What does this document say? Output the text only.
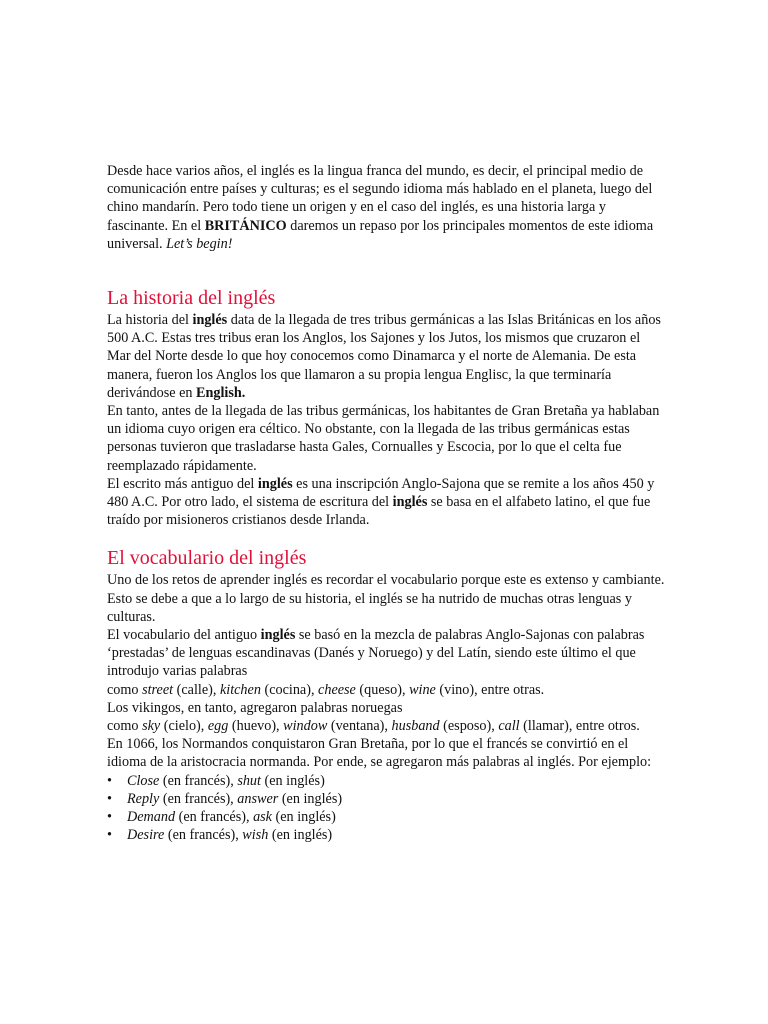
Desde hace varios años, el inglés es la lingua franca del mundo, es decir, el principal medio de comunicación entre países y culturas; es el segundo idioma más hablado en el planeta, luego del chino mandarín. Pero todo tiene un origen y en el caso del inglés, es una historia larga y fascinante. En el BRITÁNICO daremos un repaso por los principales momentos de este idioma universal. Let’s begin!

La historia del inglés

La historia del inglés data de la llegada de tres tribus germánicas a las Islas Británicas en los años 500 A.C. Estas tres tribus eran los Anglos, los Sajones y los Jutos, los mismos que cruzaron el Mar del Norte desde lo que hoy conocemos como Dinamarca y el norte de Alemania. De esta manera, fueron los Anglos los que llamaron a su propia lengua Englisc, la que terminaría derivándose en English.

En tanto, antes de la llegada de las tribus germánicas, los habitantes de Gran Bretaña ya hablaban un idioma cuyo origen era céltico. No obstante, con la llegada de las tribus germánicas estas personas tuvieron que trasladarse hasta Gales, Cornualles y Escocia, por lo que el celta fue reemplazado rápidamente.

El escrito más antiguo del inglés es una inscripción Anglo-Sajona que se remite a los años 450 y 480 A.C. Por otro lado, el sistema de escritura del inglés se basa en el alfabeto latino, el que fue traído por misioneros cristianos desde Irlanda.

El vocabulario del inglés

Uno de los retos de aprender inglés es recordar el vocabulario porque este es extenso y cambiante. Esto se debe a que a lo largo de su historia, el inglés se ha nutrido de muchas otras lenguas y culturas.

El vocabulario del antiguo inglés se basó en la mezcla de palabras Anglo-Sajonas con palabras ‘prestadas’ de lenguas escandinavas (Danés y Noruego) y del Latín, siendo este último el que introdujo varias palabras

como street (calle), kitchen (cocina), cheese (queso), wine (vino), entre otras.

Los vikingos, en tanto, agregaron palabras noruegas

como sky (cielo), egg (huevo), window (ventana), husband (esposo), call (llamar), entre otros.

En 1066, los Normandos conquistaron Gran Bretaña, por lo que el francés se convirtió en el idioma de la aristocracia normanda. Por ende, se agregaron más palabras al inglés. Por ejemplo:

• Close (en francés), shut (en inglés)
• Reply (en francés), answer (en inglés)
• Demand (en francés), ask (en inglés)
• Desire (en francés), wish (en inglés)
